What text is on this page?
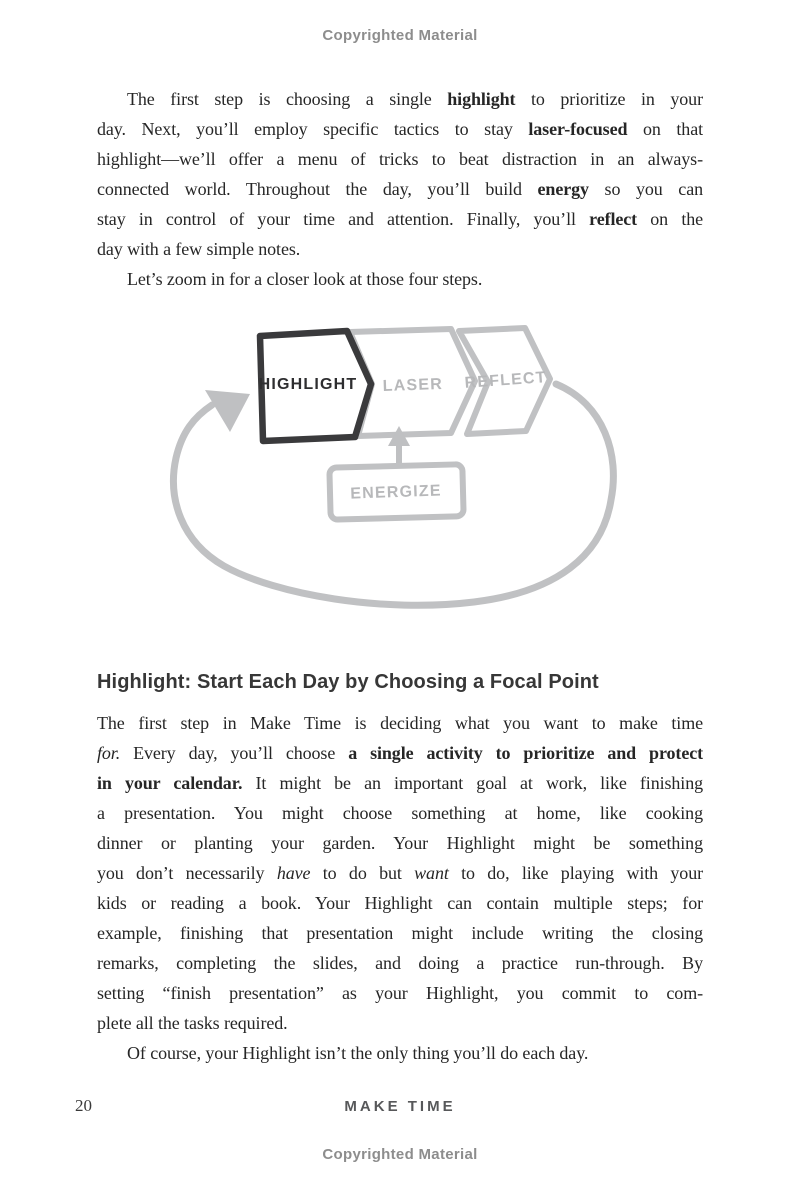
Copyrighted Material
The first step is choosing a single highlight to prioritize in your
day. Next, you’ll employ specific tactics to stay laser-focused on that
highlight—we’ll offer a menu of tricks to beat distraction in an always-
connected world. Throughout the day, you’ll build energy so you can
stay in control of your time and attention. Finally, you’ll reflect on the
day with a few simple notes.
Let’s zoom in for a closer look at those four steps.
HIGHLIGHT LASER REFLECT
ENERGIZE
Highlight: Start Each Day by Choosing a Focal Point
The first step in Make Time is deciding what you want to make time
for. Every day, you’ll choose a single activity to prioritize and protect
in your calendar. It might be an important goal at work, like finishing
a presentation. You might choose something at home, like cooking
dinner or planting your garden. Your Highlight might be something
you don’t necessarily have to do but want to do, like playing with your
kids or reading a book. Your Highlight can contain multiple steps; for
example, finishing that presentation might include writing the closing
remarks, completing the slides, and doing a practice run-through. By
setting “finish presentation” as your Highlight, you commit to com-
plete all the tasks required.
Of course, your Highlight isn’t the only thing you’ll do each day.
20	MAKE TIME
Copyrighted Material
